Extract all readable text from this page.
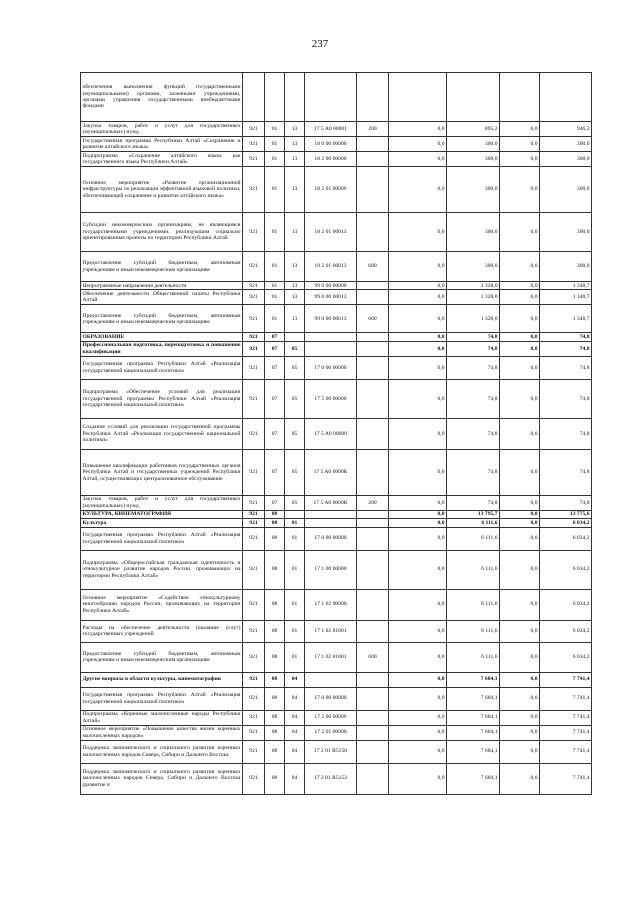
237
обеспечения выполнения функций государственными (муниципальными) органами, казенными учреждениями, органами управления государственными внебюджетными фондами									
Закупка товаров, работ и услуг для государственных (муниципальных) нужд	921	01	13	17 5 A0 00001	200	0,0	895,2	0,0	946,2
Государственная программа Республики Алтай «Сохранение и развитие алтайского языка»	921	01	13	18 0 00 00000		0,0	300,0	0,0	300,0
Подпрограмма «Сохранение алтайского языка как государственного языка Республики Алтай»	921	01	13	18 2 00 00000		0,0	300,0	0,0	300,0
Основное мероприятие «Развитие организационной инфраструктуры по реализации эффективной языковой политики, обеспечивающей сохранение и развитие алтайского языка»	921	01	13	18 2 01 00000		0,0	300,0	0,0	300,0
Субсидии некоммерческим организациям, не являющимся государственными учреждениями, реализующим социально ориентированные проекты на территории Республики Алтай	921	01	13	18 2 01 60013		0,0	300,0	0,0	300,0
Предоставление субсидий бюджетным, автономным учреждениям и иным некоммерческим организациям	921	01	13	18 2 01 60013	600	0,0	300,0	0,0	300,0
Непрограммные направления деятельности	921	01	13	99 0 00 00000		0,0	1 328,0	0,0	1 348,7
Обеспечение деятельности Общественной палаты Республики Алтай	921	01	13	99 0 00 00013		0,0	1 328,0	0,0	1 348,7
Предоставление субсидий бюджетным, автономным учреждениям и иным некоммерческим организациям	921	01	13	99 0 00 00013	600	0,0	1 328,0	0,0	1 348,7
ОБРАЗОВАНИЕ	921	07				0,0	74,8	0,0	74,8
Профессиональная подготовка, переподготовка и повышение квалификации	921	07	05			0,0	74,8	0,0	74,8
Государственная программа Республики Алтай «Реализация государственной национальной политики»	921	07	05	17 0 00 00000		0,0	74,8	0,0	74,8
Подпрограмма «Обеспечение условий для реализации государственной программы Республики Алтай «Реализация государственной национальной политики»	921	07	05	17 5 00 00000		0,0	74,8	0,0	74,8
Создание условий для реализации государственной программы Республики Алтай «Реализация государственной национальной политики»	921	07	05	17 5 A0 00000		0,0	74,8	0,0	74,8
Повышение квалификации работников государственных органов Республики Алтай и государственных учреждений Республики Алтай, осуществляющих централизованное обслуживание	921	07	05	17 5 A0 0000К		0,0	74,8	0,0	74,8
Закупка товаров, работ и услуг для государственных (муниципальных) нужд	921	07	05	17 5 A0 0000К	200	0,0	74,8	0,0	74,8
КУЛЬТУРА, КИНЕМАТОГРАФИЯ	921	08				0,0	13 795,7	0,0	13 775,6
Культура	921	08	01			0,0	6 111,6	0,0	6 034,2
Государственная программа Республики Алтай «Реализация государственной национальной политики»	921	08	01	17 0 00 00000		0,0	6 111,6	0,0	6 034,2
Подпрограмма «Общероссийская гражданская идентичность и этнокультурное развитие народов России, проживающих на территории Республики Алтай»	921	08	01	17 1 00 00000		0,0	6 111,6	0,0	6 034,2
Основное мероприятие «Содействие этнокультурному многообразию народов России, проживающих на территории Республики Алтай»	921	08	01	17 1 02 00000		0,0	6 111,6	0,0	6 034,2
Расходы на обеспечение деятельности (оказание услуг) государственных учреждений	921	08	01	17 1 02 81001		0,0	6 111,6	0,0	6 034,2
Предоставление субсидий бюджетным, автономным учреждениям и иным некоммерческим организациям	921	08	01	17 1 02 81001	600	0,0	6 111,6	0,0	6 034,2
Другие вопросы в области культуры, кинематографии	921	08	04			0,0	7 684,1	0,0	7 741,4
Государственная программа Республики Алтай «Реализация государственной национальной политики»	921	08	04	17 0 00 00000		0,0	7 684,1	0,0	7 741,4
Подпрограмма «Коренные малочисленные народы Республики Алтай»	921	08	04	17 2 00 00000		0,0	7 684,1	0,0	7 741,4
Основное мероприятие «Повышение качества жизни коренных малочисленных народов»	921	08	04	17 2 01 00000		0,0	7 684,1	0,0	7 741,4
Поддержка экономического и социального развития коренных малочисленных народов Севера, Сибири и Дальнего Востока	921	08	04	17 2 01 R5150		0,0	7 684,1	0,0	7 741,4
Поддержка экономического и социального развития коренных малочисленных народов Севера, Сибири и Дальнего Востока (развитие и	921	08	04	17 2 01 R5152		0,0	7 684,1	0,0	7 741,4
